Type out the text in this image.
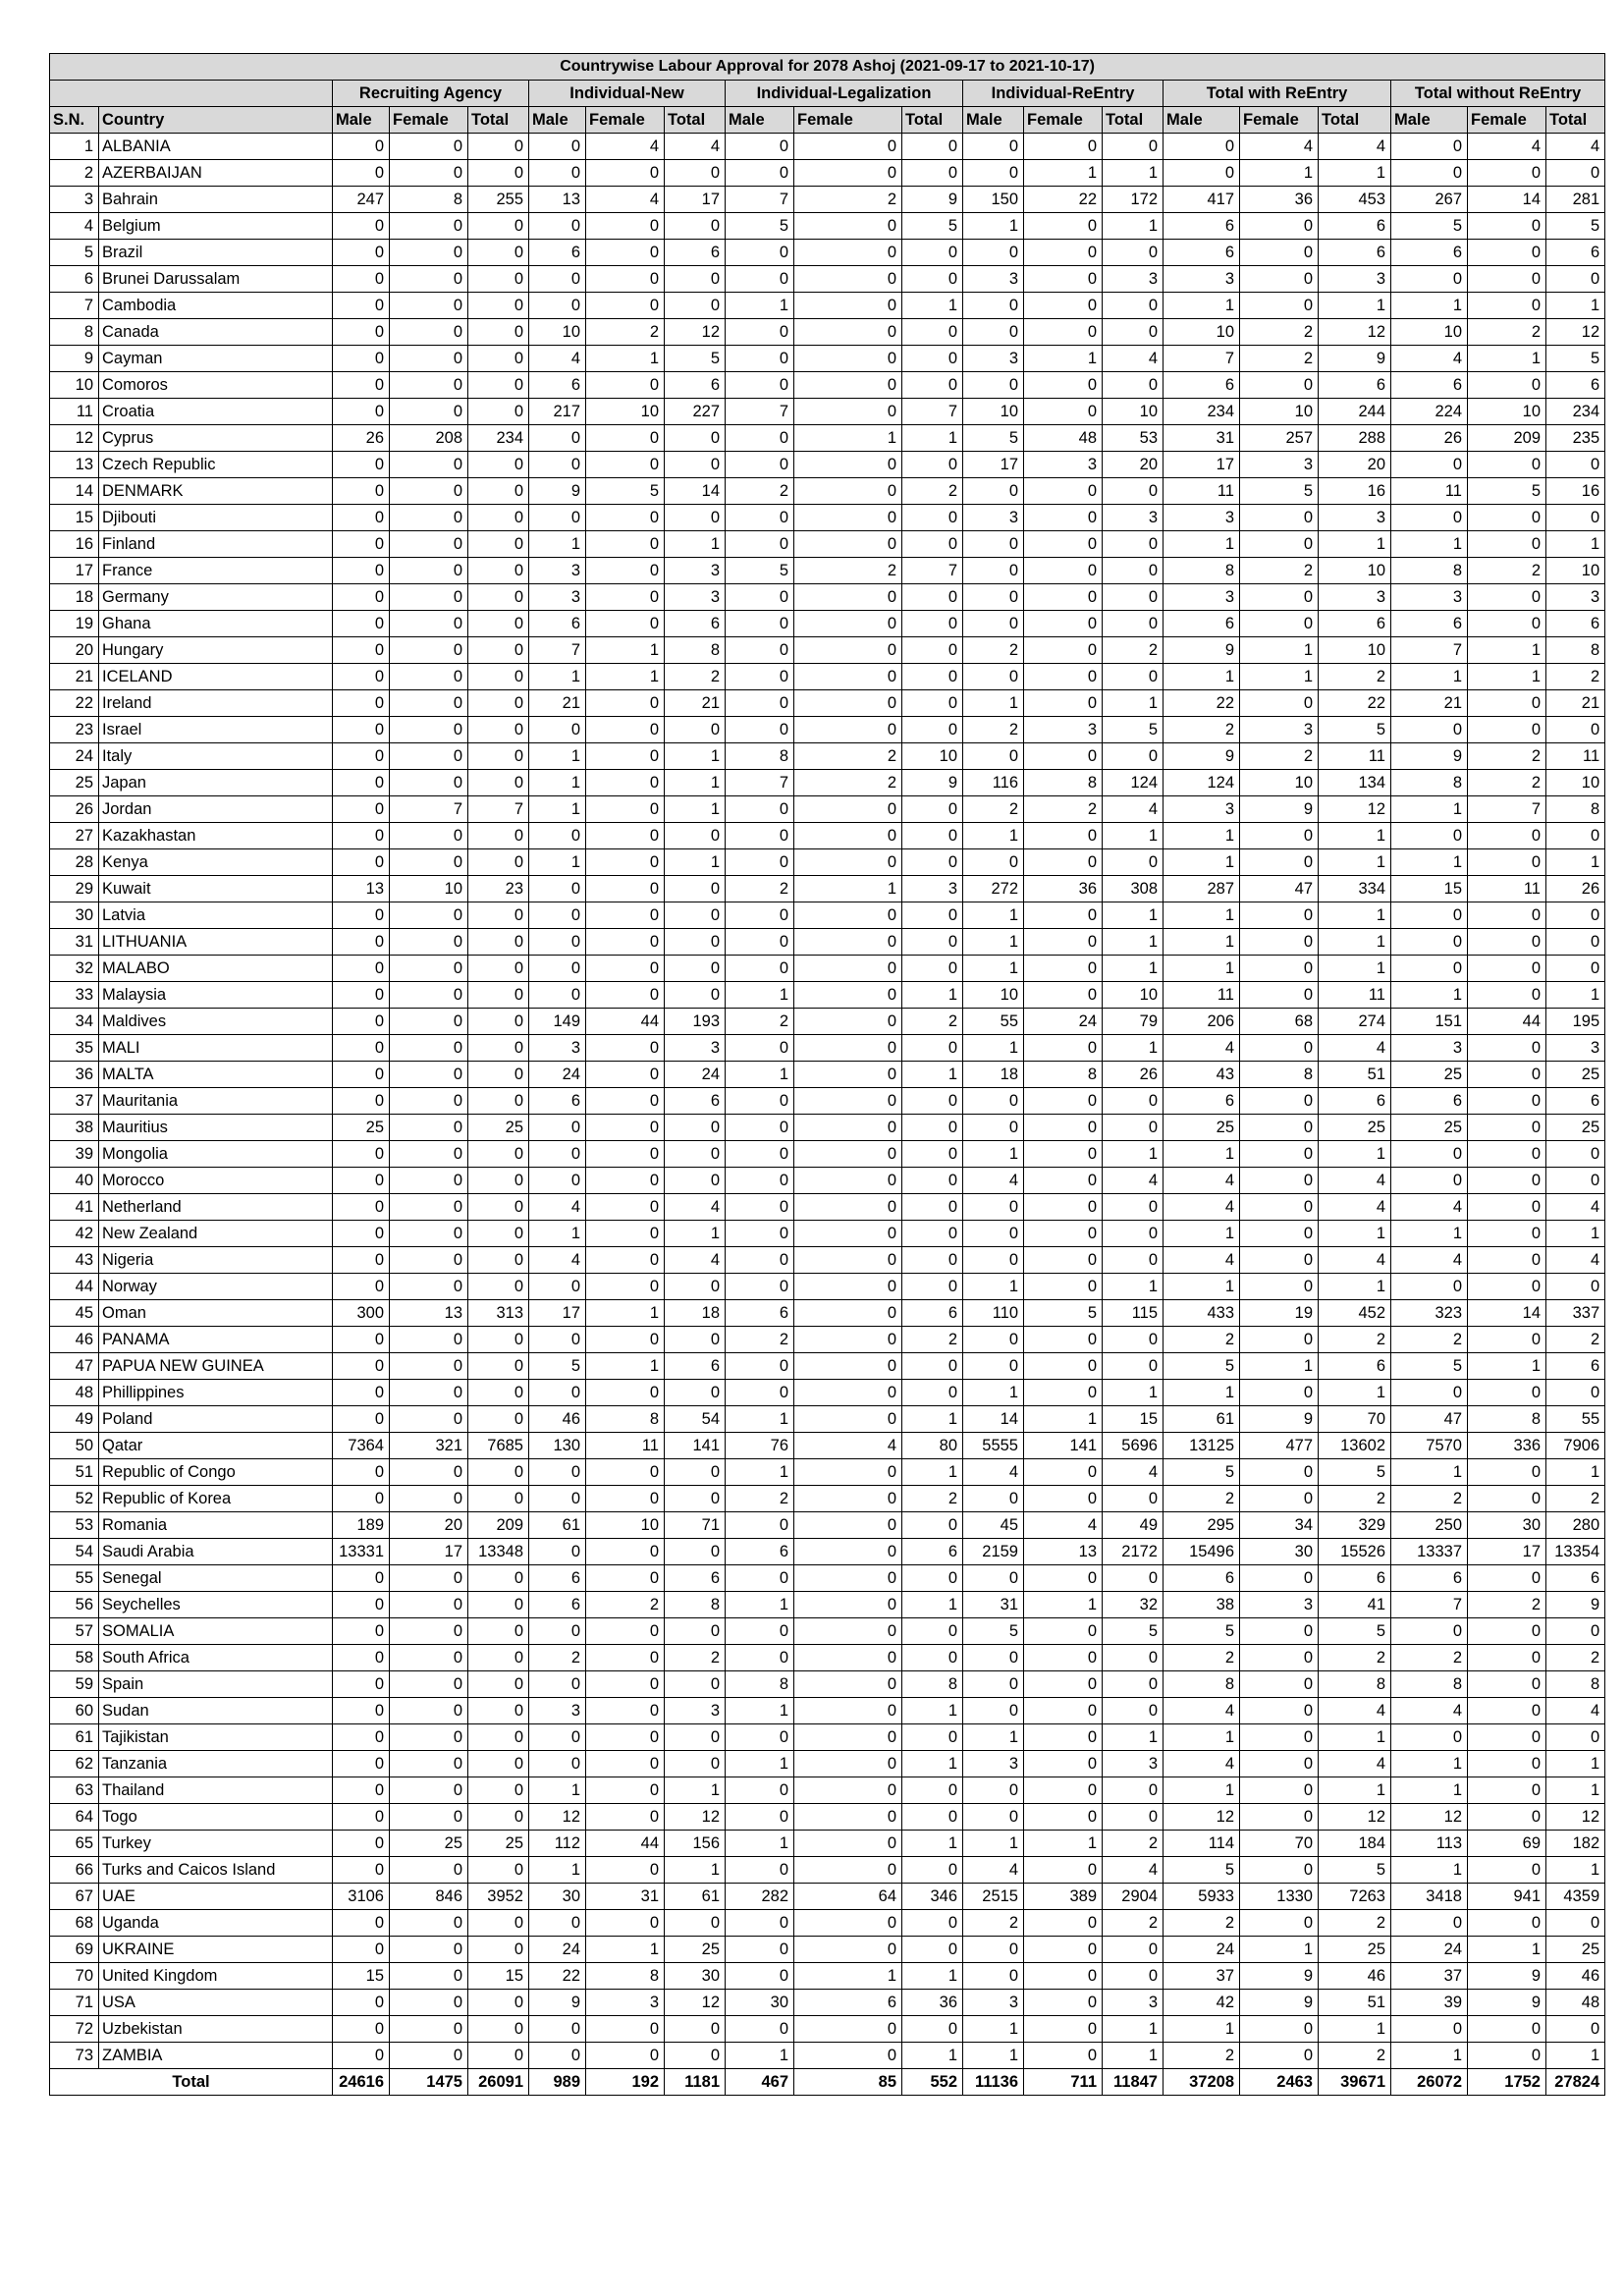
Countrywise Labour Approval for 2078 Ashoj (2021-09-17 to 2021-10-17)																			
		Recruiting Agency			Individual-New			Individual-Legalization			Individual-ReEntry			Total with ReEntry			Total without ReEntry		
S.N.	Country	Male	Female	Total	Male	Female	Total	Male	Female	Total	Male	Female	Total	Male	Female	Total	Male	Female	Total
1	ALBANIA	0	0	0	0	4	4	0	0	0	0	0	0	0	4	4	0	4	4
2	AZERBAIJAN	0	0	0	0	0	0	0	0	0	0	1	1	0	1	1	0	0	0
3	Bahrain	247	8	255	13	4	17	7	2	9	150	22	172	417	36	453	267	14	281
4	Belgium	0	0	0	0	0	0	5	0	5	1	0	1	6	0	6	5	0	5
5	Brazil	0	0	0	6	0	6	0	0	0	0	0	0	6	0	6	6	0	6
6	Brunei Darussalam	0	0	0	0	0	0	0	0	0	3	0	3	3	0	3	0	0	0
7	Cambodia	0	0	0	0	0	0	1	0	1	0	0	0	1	0	1	1	0	1
8	Canada	0	0	0	10	2	12	0	0	0	0	0	0	10	2	12	10	2	12
9	Cayman	0	0	0	4	1	5	0	0	0	3	1	4	7	2	9	4	1	5
10	Comoros	0	0	0	6	0	6	0	0	0	0	0	0	6	0	6	6	0	6
11	Croatia	0	0	0	217	10	227	7	0	7	10	0	10	234	10	244	224	10	234
12	Cyprus	26	208	234	0	0	0	0	1	1	5	48	53	31	257	288	26	209	235
13	Czech Republic	0	0	0	0	0	0	0	0	0	17	3	20	17	3	20	0	0	0
14	DENMARK	0	0	0	9	5	14	2	0	2	0	0	0	11	5	16	11	5	16
15	Djibouti	0	0	0	0	0	0	0	0	0	3	0	3	3	0	3	0	0	0
16	Finland	0	0	0	1	0	1	0	0	0	0	0	0	1	0	1	1	0	1
17	France	0	0	0	3	0	3	5	2	7	0	0	0	8	2	10	8	2	10
18	Germany	0	0	0	3	0	3	0	0	0	0	0	0	3	0	3	3	0	3
19	Ghana	0	0	0	6	0	6	0	0	0	0	0	0	6	0	6	6	0	6
20	Hungary	0	0	0	7	1	8	0	0	0	2	0	2	9	1	10	7	1	8
21	ICELAND	0	0	0	1	1	2	0	0	0	0	0	0	1	1	2	1	1	2
22	Ireland	0	0	0	21	0	21	0	0	0	1	0	1	22	0	22	21	0	21
23	Israel	0	0	0	0	0	0	0	0	0	2	3	5	2	3	5	0	0	0
24	Italy	0	0	0	1	0	1	8	2	10	0	0	0	9	2	11	9	2	11
25	Japan	0	0	0	1	0	1	7	2	9	116	8	124	124	10	134	8	2	10
26	Jordan	0	7	7	1	0	1	0	0	0	2	2	4	3	9	12	1	7	8
27	Kazakhastan	0	0	0	0	0	0	0	0	0	1	0	1	1	0	1	0	0	0
28	Kenya	0	0	0	1	0	1	0	0	0	0	0	0	1	0	1	1	0	1
29	Kuwait	13	10	23	0	0	0	2	1	3	272	36	308	287	47	334	15	11	26
30	Latvia	0	0	0	0	0	0	0	0	0	1	0	1	1	0	1	0	0	0
31	LITHUANIA	0	0	0	0	0	0	0	0	0	1	0	1	1	0	1	0	0	0
32	MALABO	0	0	0	0	0	0	0	0	0	1	0	1	1	0	1	0	0	0
33	Malaysia	0	0	0	0	0	0	1	0	1	10	0	10	11	0	11	1	0	1
34	Maldives	0	0	0	149	44	193	2	0	2	55	24	79	206	68	274	151	44	195
35	MALI	0	0	0	3	0	3	0	0	0	1	0	1	4	0	4	3	0	3
36	MALTA	0	0	0	24	0	24	1	0	1	18	8	26	43	8	51	25	0	25
37	Mauritania	0	0	0	6	0	6	0	0	0	0	0	0	6	0	6	6	0	6
38	Mauritius	25	0	25	0	0	0	0	0	0	0	0	0	25	0	25	25	0	25
39	Mongolia	0	0	0	0	0	0	0	0	0	1	0	1	1	0	1	0	0	0
40	Morocco	0	0	0	0	0	0	0	0	0	4	0	4	4	0	4	0	0	0
41	Netherland	0	0	0	4	0	4	0	0	0	0	0	0	4	0	4	4	0	4
42	New Zealand	0	0	0	1	0	1	0	0	0	0	0	0	1	0	1	1	0	1
43	Nigeria	0	0	0	4	0	4	0	0	0	0	0	0	4	0	4	4	0	4
44	Norway	0	0	0	0	0	0	0	0	0	1	0	1	1	0	1	0	0	0
45	Oman	300	13	313	17	1	18	6	0	6	110	5	115	433	19	452	323	14	337
46	PANAMA	0	0	0	0	0	0	2	0	2	0	0	0	2	0	2	2	0	2
47	PAPUA NEW GUINEA	0	0	0	5	1	6	0	0	0	0	0	0	5	1	6	5	1	6
48	Phillippines	0	0	0	0	0	0	0	0	0	1	0	1	1	0	1	0	0	0
49	Poland	0	0	0	46	8	54	1	0	1	14	1	15	61	9	70	47	8	55
50	Qatar	7364	321	7685	130	11	141	76	4	80	5555	141	5696	13125	477	13602	7570	336	7906
51	Republic of Congo	0	0	0	0	0	0	1	0	1	4	0	4	5	0	5	1	0	1
52	Republic of Korea	0	0	0	0	0	0	2	0	2	0	0	0	2	0	2	2	0	2
53	Romania	189	20	209	61	10	71	0	0	0	45	4	49	295	34	329	250	30	280
54	Saudi Arabia	13331	17	13348	0	0	0	6	0	6	2159	13	2172	15496	30	15526	13337	17	13354
55	Senegal	0	0	0	6	0	6	0	0	0	0	0	0	6	0	6	6	0	6
56	Seychelles	0	0	0	6	2	8	1	0	1	31	1	32	38	3	41	7	2	9
57	SOMALIA	0	0	0	0	0	0	0	0	0	5	0	5	5	0	5	0	0	0
58	South Africa	0	0	0	2	0	2	0	0	0	0	0	0	2	0	2	2	0	2
59	Spain	0	0	0	0	0	0	8	0	8	0	0	0	8	0	8	8	0	8
60	Sudan	0	0	0	3	0	3	1	0	1	0	0	0	4	0	4	4	0	4
61	Tajikistan	0	0	0	0	0	0	0	0	0	1	0	1	1	0	1	0	0	0
62	Tanzania	0	0	0	0	0	0	1	0	1	3	0	3	4	0	4	1	0	1
63	Thailand	0	0	0	1	0	1	0	0	0	0	0	0	1	0	1	1	0	1
64	Togo	0	0	0	12	0	12	0	0	0	0	0	0	12	0	12	12	0	12
65	Turkey	0	25	25	112	44	156	1	0	1	1	1	2	114	70	184	113	69	182
66	Turks and Caicos Island	0	0	0	1	0	1	0	0	0	4	0	4	5	0	5	1	0	1
67	UAE	3106	846	3952	30	31	61	282	64	346	2515	389	2904	5933	1330	7263	3418	941	4359
68	Uganda	0	0	0	0	0	0	0	0	0	2	0	2	2	0	2	0	0	0
69	UKRAINE	0	0	0	24	1	25	0	0	0	0	0	0	24	1	25	24	1	25
70	United Kingdom	15	0	15	22	8	30	0	1	1	0	0	0	37	9	46	37	9	46
71	USA	0	0	0	9	3	12	30	6	36	3	0	3	42	9	51	39	9	48
72	Uzbekistan	0	0	0	0	0	0	0	0	0	1	0	1	1	0	1	0	0	0
73	ZAMBIA	0	0	0	0	0	0	1	0	1	1	0	1	2	0	2	1	0	1
Total		24616	1475	26091	989	192	1181	467	85	552	11136	711	11847	37208	2463	39671	26072	1752	27824
